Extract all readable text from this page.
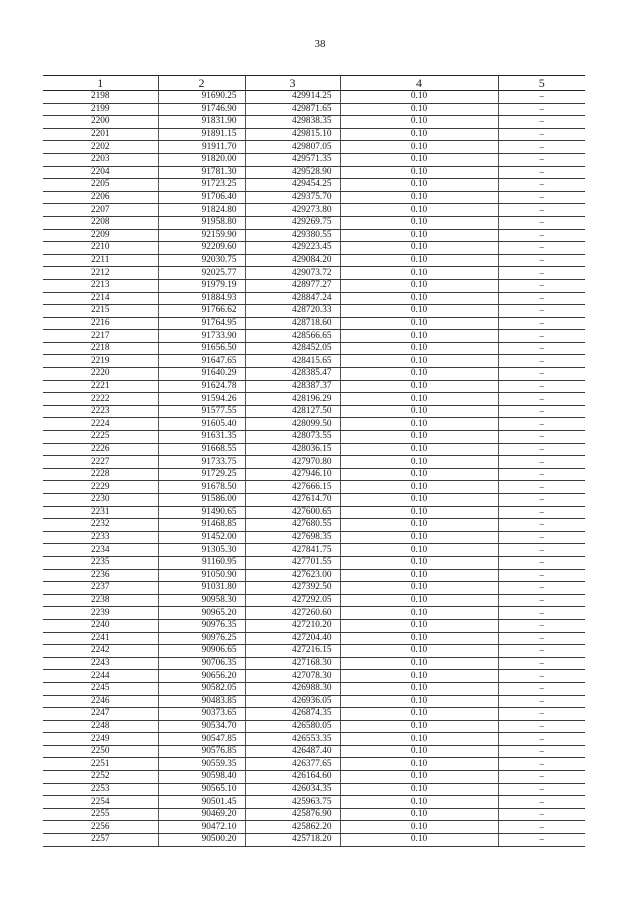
38
1	2	3	4	5
2198	91690.25	429914.25	0.10	–
2199	91746.90	429871.65	0.10	–
2200	91831.90	429838.35	0.10	–
2201	91891.15	429815.10	0.10	–
2202	91911.70	429807.05	0.10	–
2203	91820.00	429571.35	0.10	–
2204	91781.30	429528.90	0.10	–
2205	91723.25	429454.25	0.10	–
2206	91706.40	429375.70	0.10	–
2207	91824.80	429273.80	0.10	–
2208	91958.80	429269.75	0.10	–
2209	92159.90	429380.55	0.10	–
2210	92209.60	429223.45	0.10	–
2211	92030.75	429084.20	0.10	–
2212	92025.77	429073.72	0.10	–
2213	91979.19	428977.27	0.10	–
2214	91884.93	428847.24	0.10	–
2215	91766.62	428720.33	0.10	–
2216	91764.95	428718.60	0.10	–
2217	91733.90	428566.65	0.10	–
2218	91656.50	428452.05	0.10	–
2219	91647.65	428415.65	0.10	–
2220	91640.29	428385.47	0.10	–
2221	91624.78	428387.37	0.10	–
2222	91594.26	428196.29	0.10	–
2223	91577.55	428127.50	0.10	–
2224	91605.40	428099.50	0.10	–
2225	91631.35	428073.55	0.10	–
2226	91668.55	428036.15	0.10	–
2227	91733.75	427970.80	0.10	–
2228	91729.25	427946.10	0.10	–
2229	91678.50	427666.15	0.10	–
2230	91586.00	427614.70	0.10	–
2231	91490.65	427600.65	0.10	–
2232	91468.85	427680.55	0.10	–
2233	91452.00	427698.35	0.10	–
2234	91305.30	427841.75	0.10	–
2235	91160.95	427701.55	0.10	–
2236	91050.90	427623.00	0.10	–
2237	91031.80	427392.50	0.10	–
2238	90958.30	427292.05	0.10	–
2239	90965.20	427260.60	0.10	–
2240	90976.35	427210.20	0.10	–
2241	90976.25	427204.40	0.10	–
2242	90906.65	427216.15	0.10	–
2243	90706.35	427168.30	0.10	–
2244	90656.20	427078.30	0.10	–
2245	90582.05	426988.30	0.10	–
2246	90483.85	426936.05	0.10	–
2247	90373.65	426874.35	0.10	–
2248	90534.70	426580.05	0.10	–
2249	90547.85	426553.35	0.10	–
2250	90576.85	426487.40	0.10	–
2251	90559.35	426377.65	0.10	–
2252	90598.40	426164.60	0.10	–
2253	90565.10	426034.35	0.10	–
2254	90501.45	425963.75	0.10	–
2255	90469.20	425876.90	0.10	–
2256	90472.10	425862.20	0.10	–
2257	90500.20	425718.20	0.10	–
